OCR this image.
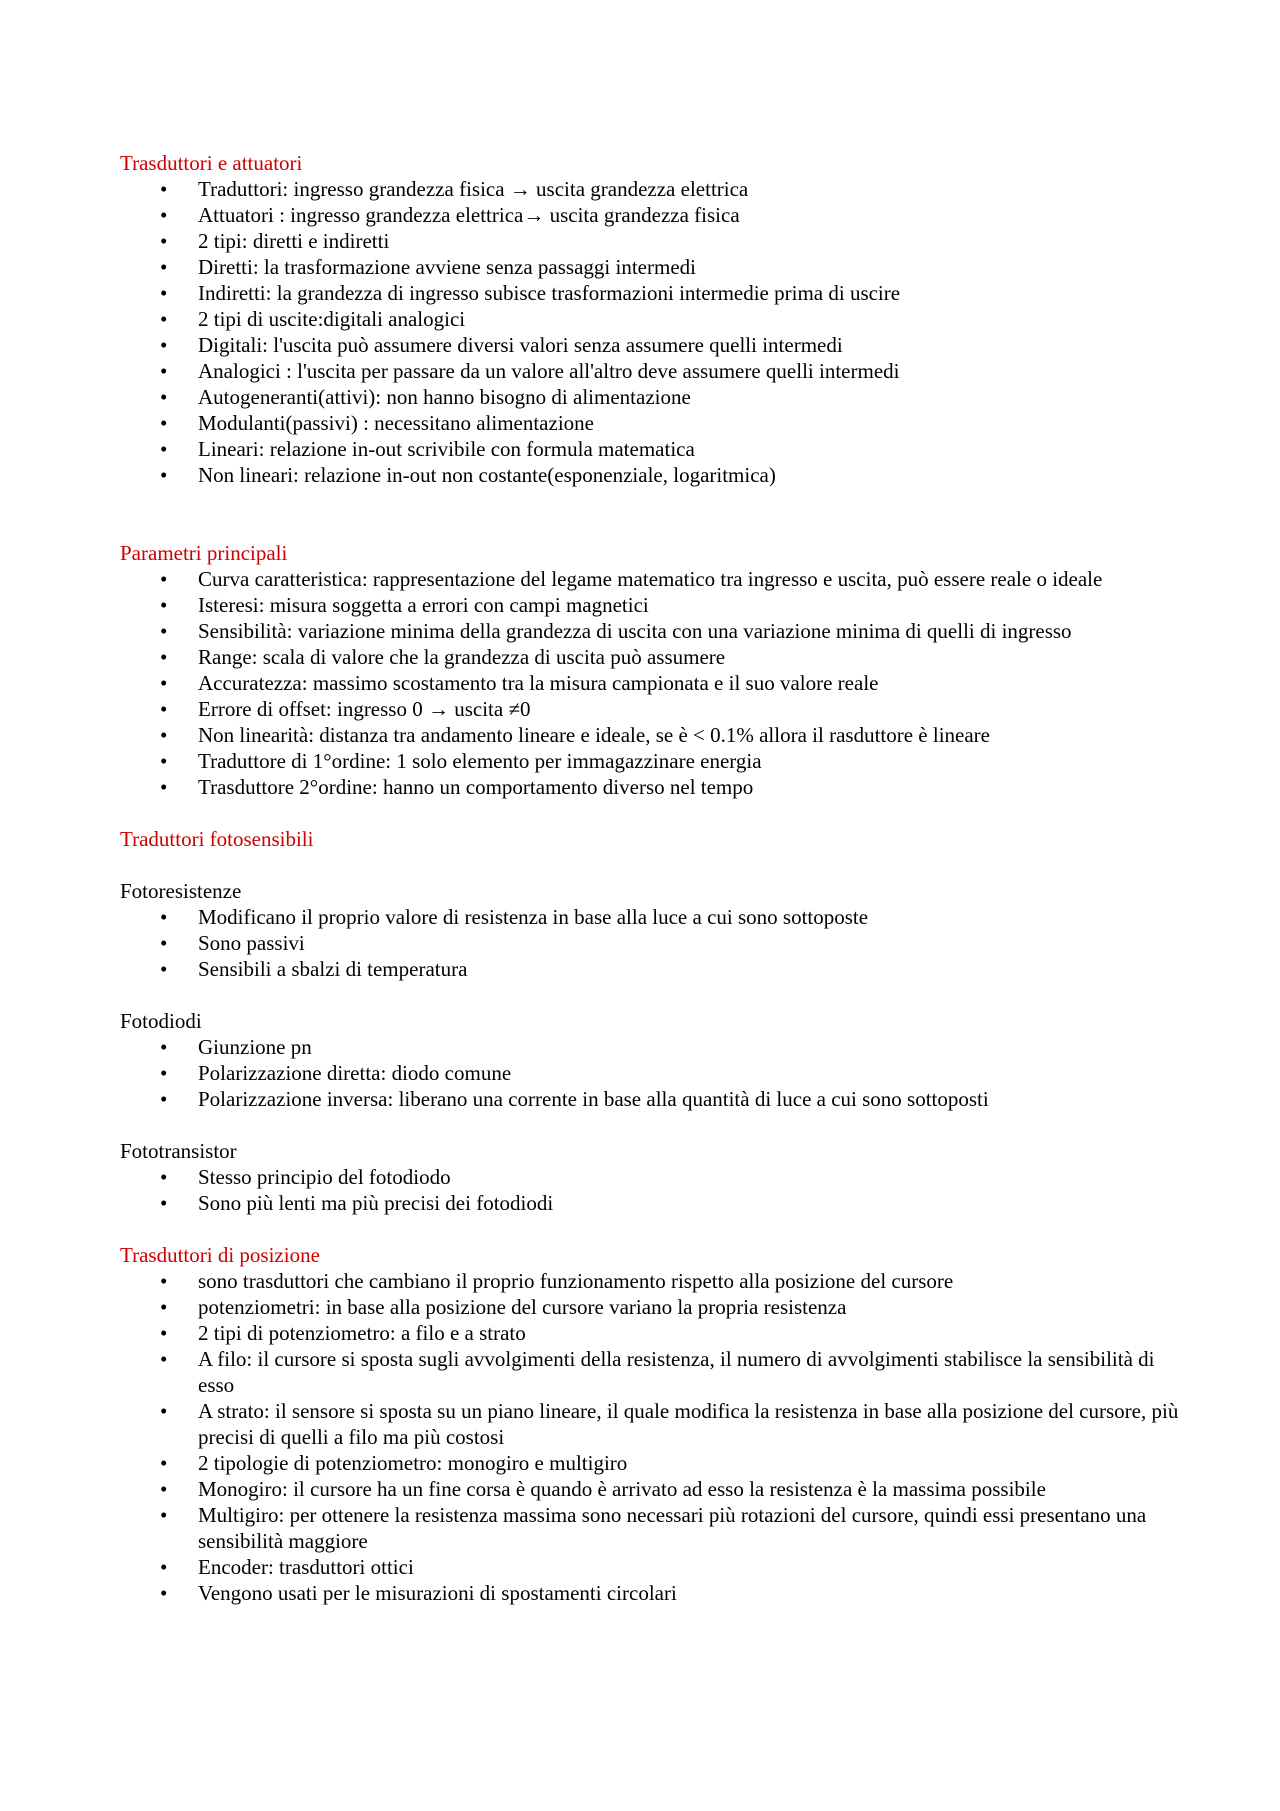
Trasduttori e attuatori
• Traduttori: ingresso grandezza fisica → uscita grandezza elettrica
• Attuatori : ingresso grandezza elettrica→ uscita grandezza fisica
• 2 tipi: diretti e indiretti
• Diretti: la trasformazione avviene senza passaggi intermedi
• Indiretti: la grandezza di ingresso subisce trasformazioni intermedie prima di uscire
• 2 tipi di uscite:digitali analogici
• Digitali: l'uscita può assumere diversi valori senza assumere quelli intermedi
• Analogici : l'uscita per passare da un valore all'altro deve assumere quelli intermedi
• Autogeneranti(attivi): non hanno bisogno di alimentazione
• Modulanti(passivi) : necessitano alimentazione
• Lineari: relazione in-out scrivibile con formula matematica
• Non lineari: relazione in-out non costante(esponenziale, logaritmica)
Parametri principali
• Curva caratteristica: rappresentazione del legame matematico tra ingresso e uscita, può essere reale o ideale
• Isteresi: misura soggetta a errori con campi magnetici
• Sensibilità: variazione minima della grandezza di uscita con una variazione minima di quelli di ingresso
• Range: scala di valore che la grandezza di uscita può assumere
• Accuratezza: massimo scostamento tra la misura campionata e il suo valore reale
• Errore di offset: ingresso 0 → uscita ≠0
• Non linearità: distanza tra andamento lineare e ideale, se è < 0.1% allora il rasduttore è lineare
• Traduttore di 1°ordine: 1 solo elemento per immagazzinare energia
• Trasduttore 2°ordine: hanno un comportamento diverso nel tempo
Traduttori fotosensibili
Fotoresistenze
• Modificano il proprio valore di resistenza in base alla luce a cui sono sottoposte
• Sono passivi
• Sensibili a sbalzi di temperatura
Fotodiodi
• Giunzione pn
• Polarizzazione diretta: diodo comune
• Polarizzazione inversa: liberano una corrente in base alla quantità di luce a cui sono sottoposti
Fototransistor
• Stesso principio del fotodiodo
• Sono più lenti ma più precisi dei fotodiodi
Trasduttori di posizione
• sono trasduttori che cambiano il proprio funzionamento rispetto alla posizione del cursore
• potenziometri: in base alla posizione del cursore variano la propria resistenza
• 2 tipi di potenziometro: a filo e a strato
• A filo: il cursore si sposta sugli avvolgimenti della resistenza, il numero di avvolgimenti stabilisce la sensibilità di esso
• A strato: il sensore si sposta su un piano lineare, il quale modifica la resistenza in base alla posizione del cursore, più precisi di quelli a filo ma più costosi
• 2 tipologie di potenziometro: monogiro e multigiro
• Monogiro: il cursore ha un fine corsa è quando è arrivato ad esso la resistenza è la massima possibile
• Multigiro: per ottenere la resistenza massima sono necessari più rotazioni del cursore, quindi essi presentano una sensibilità maggiore
• Encoder: trasduttori ottici
• Vengono usati per le misurazioni di spostamenti circolari
